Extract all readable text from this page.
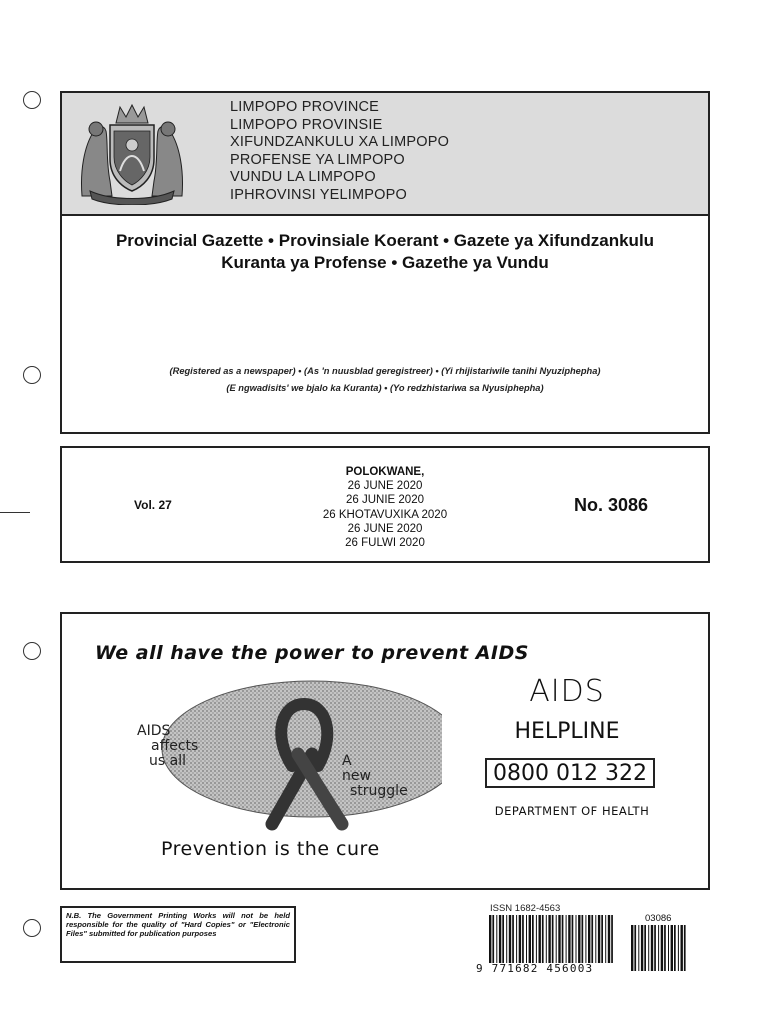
LIMPOPO PROVINCE
LIMPOPO PROVINSIE
XIFUNDZANKULU XA LIMPOPO
PROFENSE YA LIMPOPO
VUNDU LA LIMPOPO
IPHROVINSI YELIMPOPO
Provincial Gazette • Provinsiale Koerant • Gazete ya Xifundzankulu
Kuranta ya Profense • Gazethe ya Vundu
(Registered as a newspaper) • (As 'n nuusblad geregistreer) • (Yi rhijistariwile tanihi Nyuziphepha)
(E ngwadisits' we bjalo ka Kuranta) • (Yo redzhistariwa sa Nyusiphepha)
Vol. 27
POLOKWANE,
26 JUNE 2020
26 JUNIE 2020
26 KHOTAVUXIKA 2020
26 JUNE 2020
26 FULWI 2020
No. 3086
We all have the power to prevent AIDS
AIDS
affects
us all	A
new
struggle
AIDS
HELPLINE
0800 012 322
DEPARTMENT OF HEALTH
Prevention is the cure
N.B. The Government Printing Works will not be held responsible for the quality of "Hard Copies" or "Electronic Files" submitted for publication purposes
ISSN 1682-4563
9 771682 456003
03086
